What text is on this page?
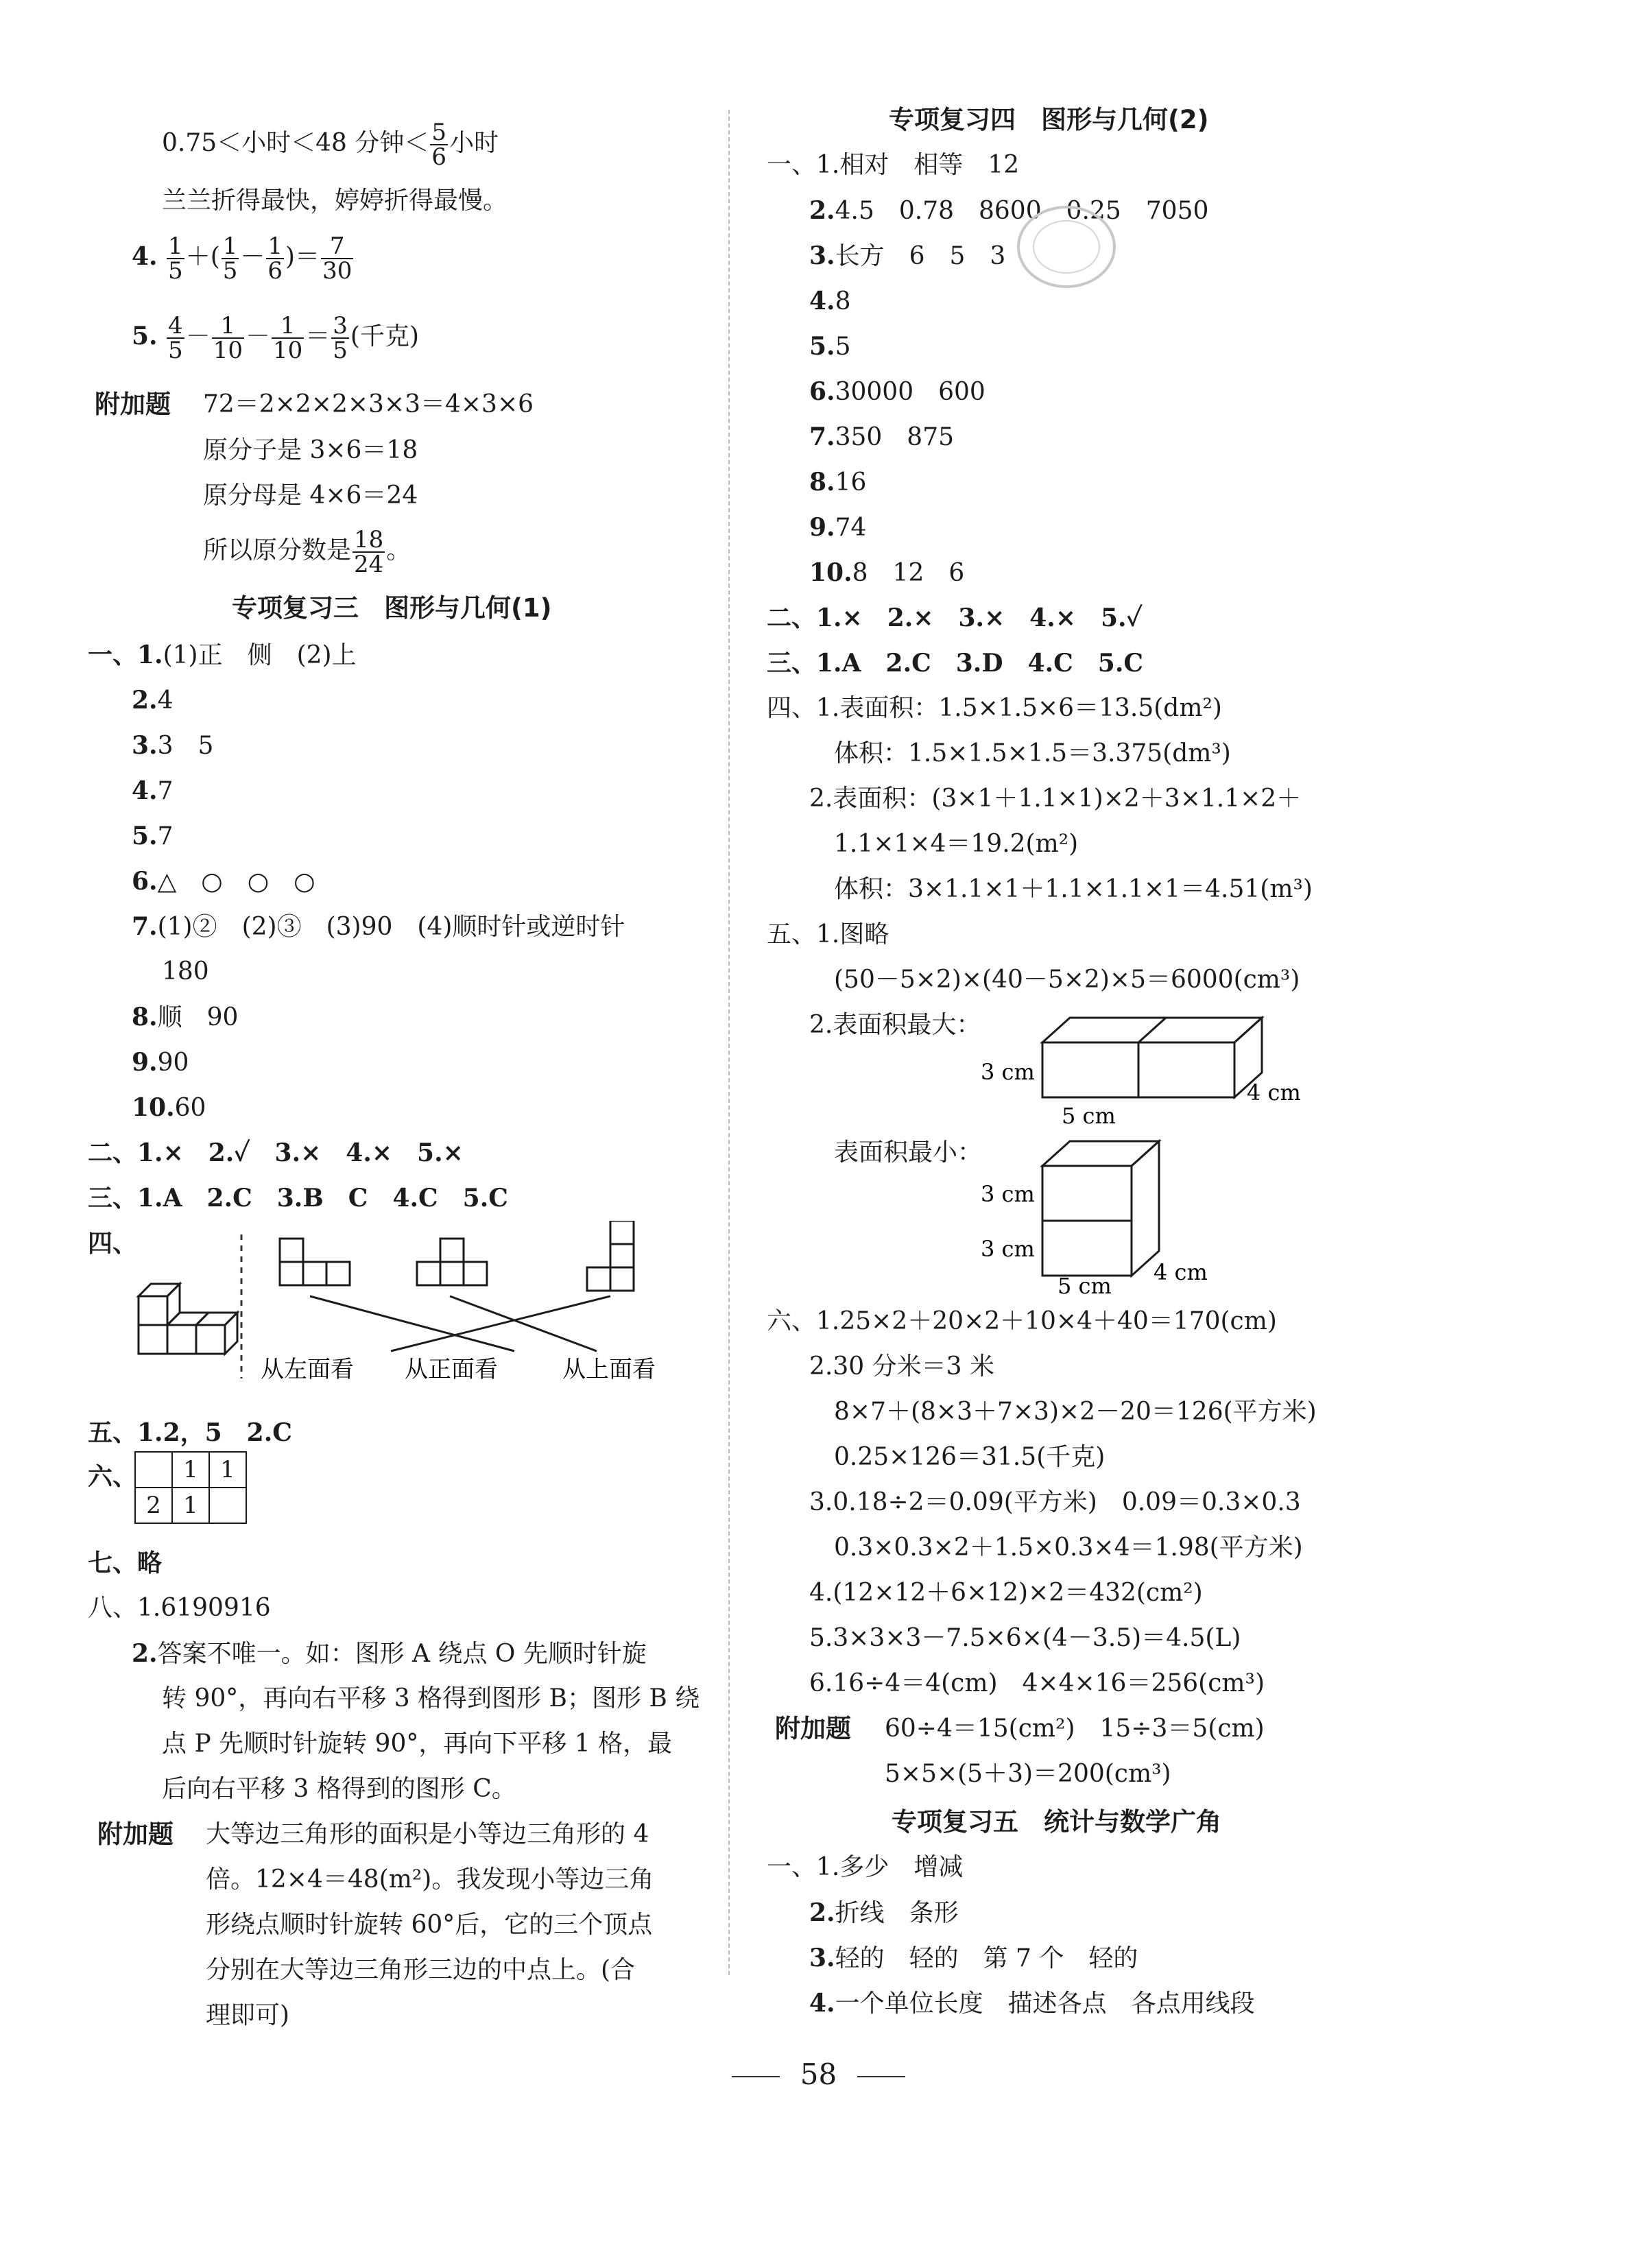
0.75＜小时＜48 分钟＜ $\frac{5}{6}$ 小时
兰兰折得最快，婷婷折得最慢。
4. $\frac{1}{5}$ ＋( $\frac{1}{5} - \frac{1}{6}$ )＝ $\frac{7}{30}$
5. $\frac{4}{5} - \frac{1}{10} - \frac{1}{10} = \frac{3}{5}$ (千克)
附加题 72＝2×2×2×3×3＝4×3×6
原分子是 3×6＝18
原分母是 4×6＝24
所以原分数是 $\frac{18}{24}$ 。
专项复习三　图形与几何(1)
一、1.(1)正　侧　(2)上
2.4
3.3　5
4.7
5.7
6.△　○　○　○
7.(1)②　(2)③　(3)90　(4)顺时针或逆时针
180
8.顺　90
9.90
10.60
二、1.×　2.✓　3.×　4.×　5.×
三、1.A　2.C　3.B　C　4.C　5.C
四、
从左面看 从正面看	从上面看
五、1.2，5　2.C
六、
	1	1
2	1	
七、略
八、1.6190916
2.答案不唯一。如：图形 A 绕点 O 先顺时针旋
转 90°，再向右平移 3 格得到图形 B；图形 B 绕
点 P 先顺时针旋转 90°，再向下平移 1 格，最
后向右平移 3 格得到的图形 C。
附加题 大等边三角形的面积是小等边三角形的 4
倍。12×4＝48(m²)。我发现小等边三角
形绕点顺时针旋转 60°后，它的三个顶点
分别在大等边三角形三边的中点上。(合
理即可)
专项复习四　图形与几何(2)
一、1.相对　相等　12
2.4.5　0.78　8600　0.25　7050
3.长方　6　5　3
4.8
5.5
6.30000　600
7.350　875
8.16
9.74
10.8　12　6
二、1.×　2.×　3.×　4.×　5.✓
三、1.A　2.C　3.D　4.C　5.C
四、1.表面积：1.5×1.5×6＝13.5(dm²)
体积：1.5×1.5×1.5＝3.375(dm³)
2.表面积：(3×1＋1.1×1)×2＋3×1.1×2＋
1.1×1×4＝19.2(m²)
体积：3×1.1×1＋1.1×1.1×1＝4.51(m³)
五、1.图略
(50－5×2)×(40－5×2)×5＝6000(cm³)
2.表面积最大：
3 cm
5 cm
4 cm
表面积最小：
3 cm
3 cm
5 cm
4 cm
六、1.25×2＋20×2＋10×4＋40＝170(cm)
2.30 分米＝3 米
8×7＋(8×3＋7×3)×2－20＝126(平方米)
0.25×126＝31.5(千克)
3.0.18÷2＝0.09(平方米)　0.09＝0.3×0.3
0.3×0.3×2＋1.5×0.3×4＝1.98(平方米)
4.(12×12＋6×12)×2＝432(cm²)
5.3×3×3－7.5×6×(4－3.5)＝4.5(L)
6.16÷4＝4(cm)　4×4×16＝256(cm³)
附加题 60÷4＝15(cm²)　15÷3＝5(cm)
5×5×(5＋3)＝200(cm³)
专项复习五　统计与数学广角
一、1.多少　增减
2.折线　条形
3.轻的　轻的　第 7 个　轻的
4.一个单位长度　描述各点　各点用线段
58
